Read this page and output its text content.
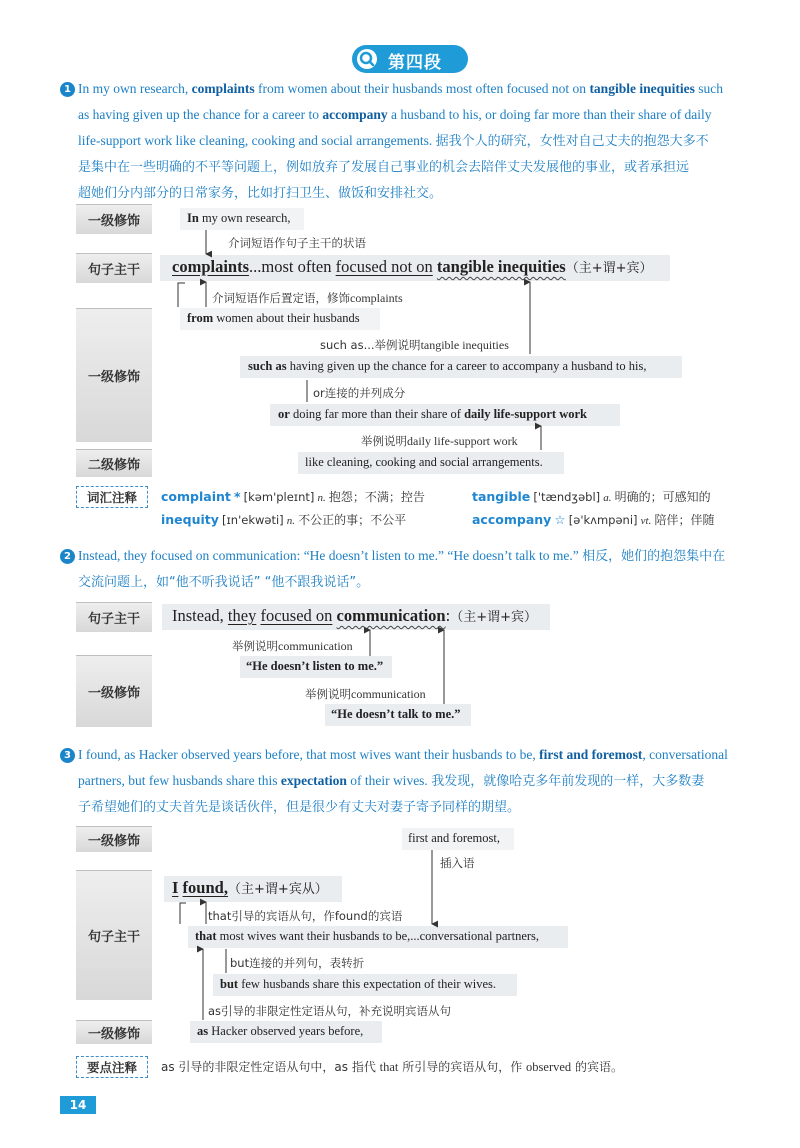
第四段
1 In my own research, complaints from women about their husbands most often focused not on tangible inequities such
as having given up the chance for a career to accompany a husband to his, or doing far more than their share of daily
life-support work like cleaning, cooking and social arrangements. 据我个人的研究，女性对自己丈夫的抱怨大多不
是集中在一些明确的不平等问题上，例如放弃了发展自己事业的机会去陪伴丈夫发展他的事业，或者承担远
超她们分内部分的日常家务，比如打扫卫生、做饭和安排社交。
一级修饰
句子主干
一级修饰
二级修饰
In my own research,
介词短语作句子主干的状语
complaints...most often focused not on tangible inequities（主+谓+宾）
介词短语作后置定语，修饰complaints
from women about their husbands
such as...举例说明tangible inequities
such as having given up the chance for a career to accompany a husband to his,
or连接的并列成分
or doing far more than their share of daily life-support work
举例说明daily life-support work
like cleaning, cooking and social arrangements.
词汇注释	complaint * [kəm'pleɪnt] n. 抱怨；不满；控告	tangible ['tændʒəbl] a. 明确的；可感知的
inequity [ɪn'ekwəti] n. 不公正的事；不公平	accompany ☆ [ə'kʌmpəni] vt. 陪伴；伴随
2 Instead, they focused on communication: “He doesn’t listen to me.” “He doesn’t talk to me.” 相反，她们的抱怨集中在
交流问题上，如“他不听我说话” “他不跟我说话”。
句子主干
一级修饰
Instead, they focused on communication:（主+谓+宾）
举例说明communication
“He doesn’t listen to me.”
举例说明communication
“He doesn’t talk to me.”
3 I found, as Hacker observed years before, that most wives want their husbands to be, first and foremost, conversational
partners, but few husbands share this expectation of their wives. 我发现，就像哈克多年前发现的一样，大多数妻
子希望她们的丈夫首先是谈话伙伴，但是很少有丈夫对妻子寄予同样的期望。
一级修饰
句子主干
一级修饰
first and foremost,
插入语
I found,（主+谓+宾从）
that引导的宾语从句，作found的宾语
that most wives want their husbands to be,...conversational partners,
but连接的并列句，表转折
but few husbands share this expectation of their wives.
as引导的非限定性定语从句，补充说明宾语从句
as Hacker observed years before,
要点注释	as 引导的非限定性定语从句中，as 指代 that 所引导的宾语从句，作 observed 的宾语。
14
